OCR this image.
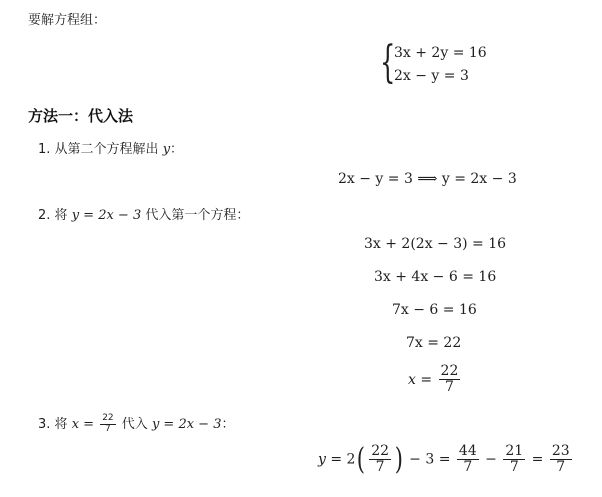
要解方程组：
{
3x + 2y = 16
2x − y = 3
方法一：代入法
1. 从第二个方程解出 y：
2x − y = 3 ⟹ y = 2x − 3
2. 将 y = 2x − 3 代入第一个方程：
3x + 2(2x − 3) = 16
3x + 4x − 6 = 16
7x − 6 = 16
7x = 22
$x = \frac{22}{7}$
3. 将 $x = \frac{22}{7}$ 代入 y = 2x − 3：
$y = 2( \frac{22}{7}$ ) − $3 = \frac{44}{7} - \frac{21}{7} = \frac{23}{7}$
